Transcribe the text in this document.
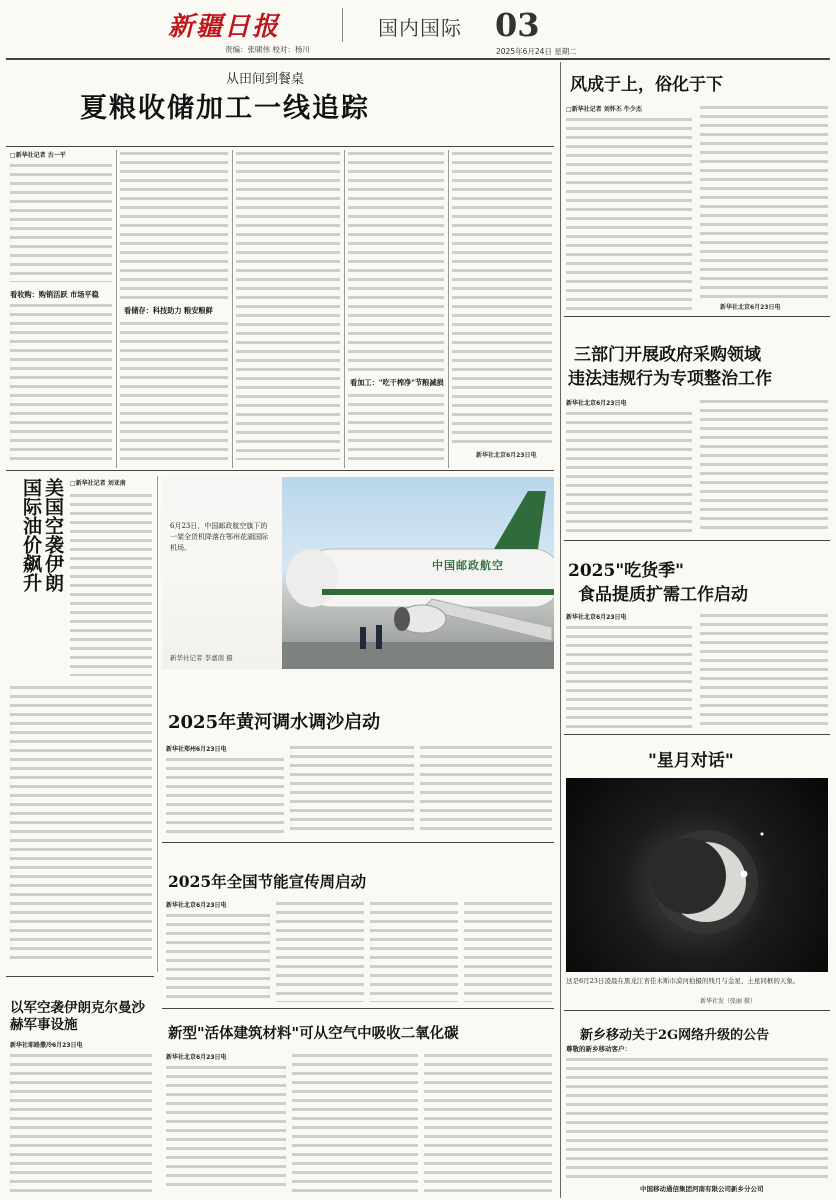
新疆日报	国内国际 03
责编：张啸伟 校对：杨川	2025年6月24日 星期二
从田间到餐桌
夏粮收储加工一线追踪
□新华社记者 古一平
看收购：购销活跃 市场平稳
看储存：科技助力 粮安粮鲜
看加工："吃干榨净"节粮减损
新华社北京6月23日电
□新华社记者 刘亚南
美国空袭伊朗 国际油价飙升
以军空袭伊朗克尔曼沙赫军事设施
新华社耶路撒冷6月23日电
6月23日，中国邮政航空旗下的一架全货机降落在鄂州花湖国际机场。
新华社记者 李嘉南 摄
中国邮政航空
2025年黄河调水调沙启动
新华社郑州6月23日电
2025年全国节能宣传周启动
新华社北京6月23日电
新型"活体建筑材料"可从空气中吸收二氧化碳
新华社北京6月23日电
风成于上，俗化于下
□新华社记者 刘怀丕 牛少杰
新华社北京6月23日电
三部门开展政府采购领域
违法违规行为专项整治工作
新华社北京6月23日电
2025"吃货季"
食品提质扩需工作启动
新华社北京6月23日电
"星月对话"
这是6月23日凌晨在黑龙江省佳木斯市漠河拍摄的残月与金星、土星同框的天象。
新华社发（张丽 摄）
新乡移动关于2G网络升级的公告
尊敬的新乡移动客户：
中国移动通信集团河南有限公司新乡分公司
